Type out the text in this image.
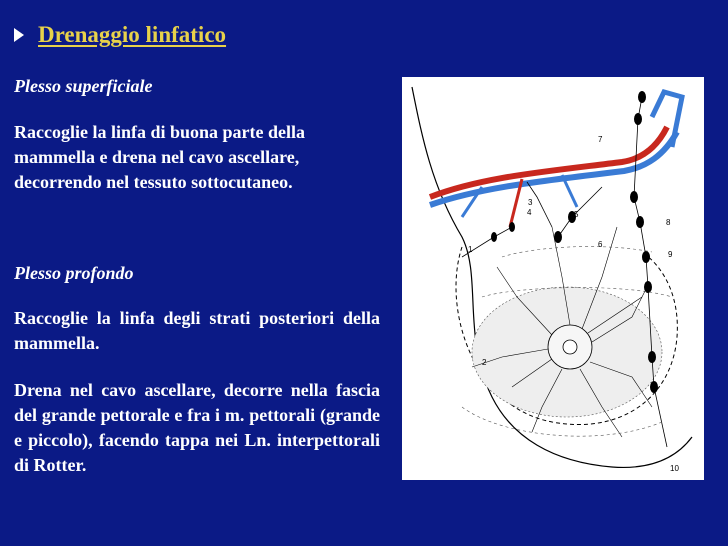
Drenaggio linfatico
Plesso superficiale
Raccoglie la linfa di buona parte della mammella e drena nel cavo ascellare, decorrendo nel tessuto sottocutaneo.
Plesso profondo
Raccoglie la linfa degli strati posteriori della mammella.
Drena nel cavo ascellare, decorre nella fascia del grande pettorale e fra i m. pettorali (grande e piccolo), facendo tappa nei Ln. interpettorali di Rotter.
1
2
3
4	5
6
7
8
9
10
